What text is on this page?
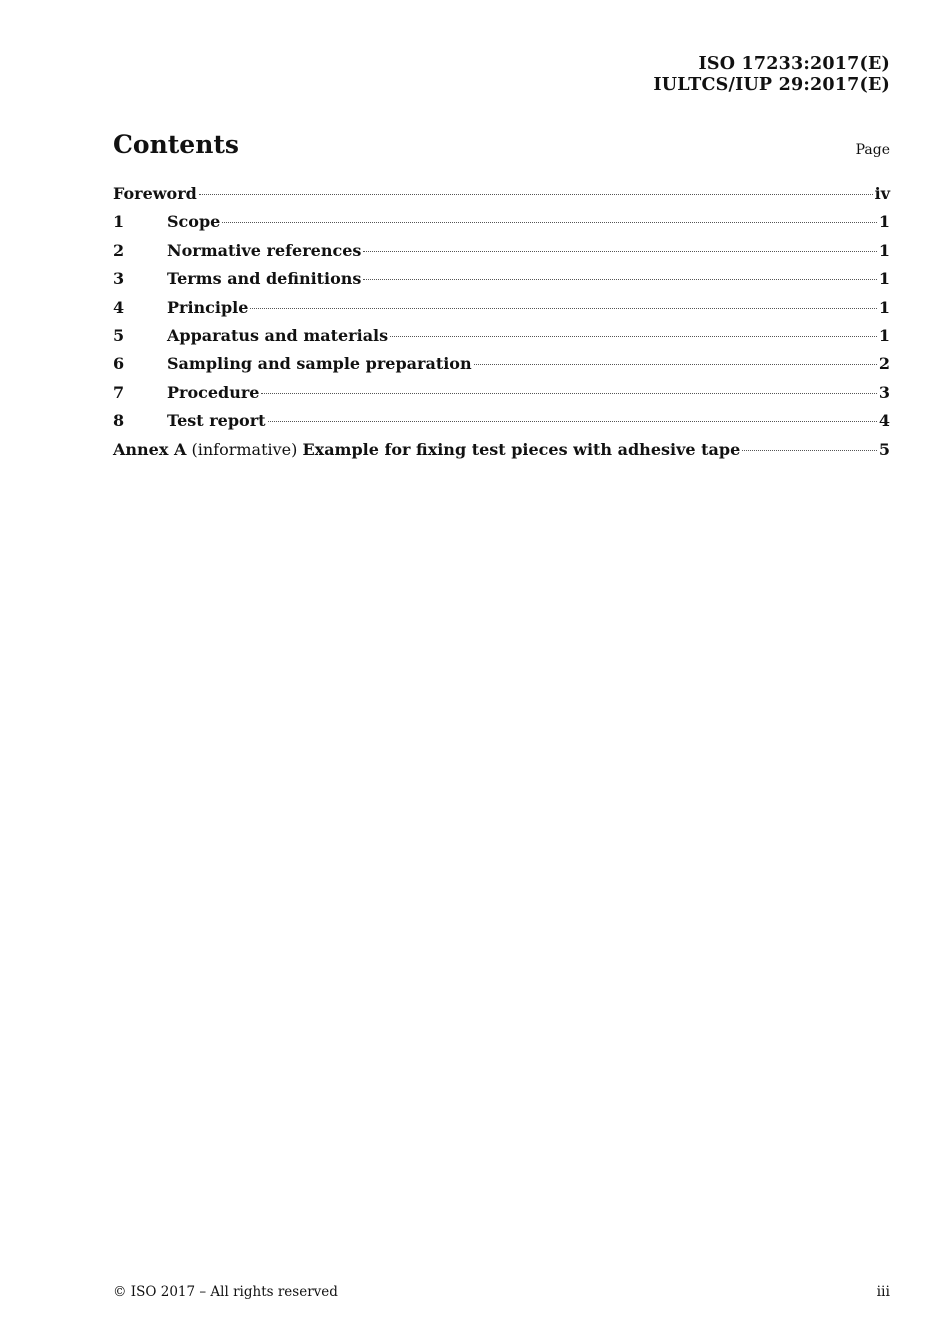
ISO 17233:2017(E)
IULTCS/IUP 29:2017(E)
Contents	Page
Foreword	iv
1	Scope	1
2	Normative references	1
3	Terms and definitions	1
4	Principle	1
5	Apparatus and materials	1
6	Sampling and sample preparation	2
7	Procedure	3
8	Test report	4
Annex A (informative) Example for fixing test pieces with adhesive tape	5
© ISO 2017 – All rights reserved	iii
